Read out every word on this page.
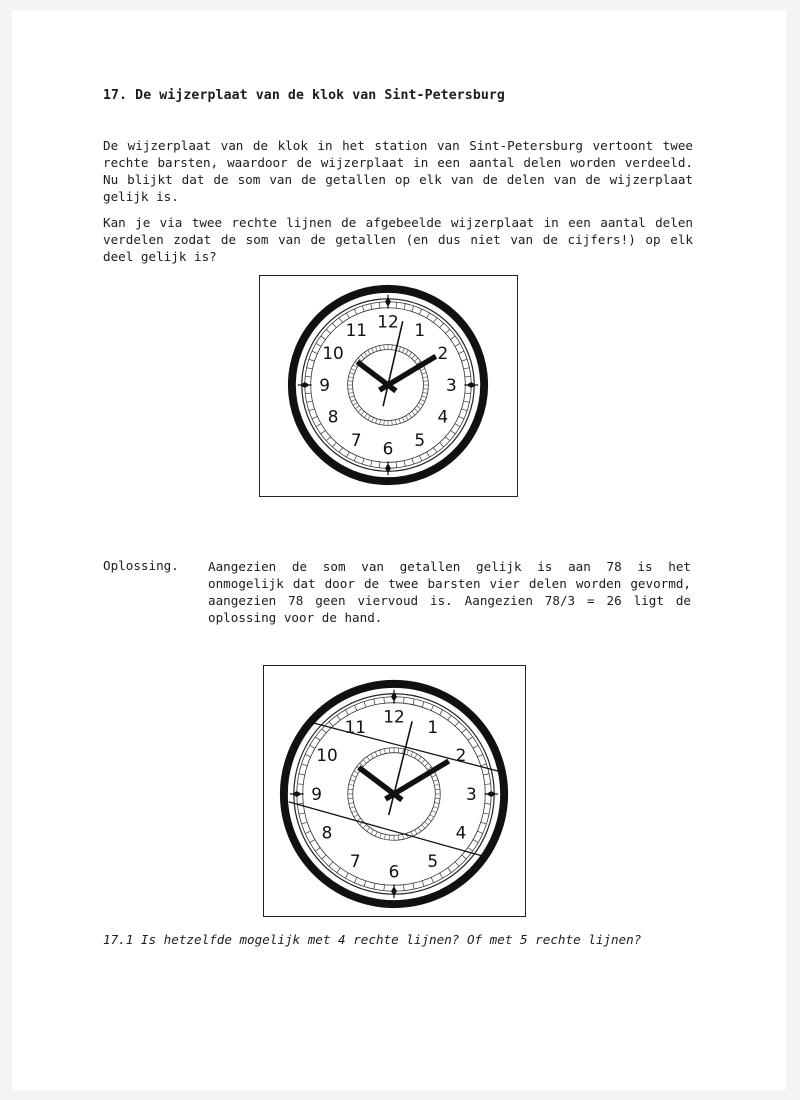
17. De wijzerplaat van de klok van Sint-Petersburg
De wijzerplaat van de klok in het station van Sint-Petersburg vertoont twee rechte barsten, waardoor de wijzerplaat in een aantal delen worden verdeeld. Nu blijkt dat de som van de getallen op elk van de delen van de wijzerplaat gelijk is.
Kan je via twee rechte lijnen de afgebeelde wijzerplaat in een aantal delen verdelen zodat de som van de getallen (en dus niet van de cijfers!) op elk deel gelijk is?
12 1
2
3
4
5
6
7
8
9
10
11
Oplossing. Aangezien de som van getallen gelijk is aan 78 is het onmogelijk dat door de twee barsten vier delen worden gevormd, aangezien 78 geen viervoud is. Aangezien 78/3 = 26 ligt de oplossing voor de hand.
12
1
2
3
4
5
6
7
8
9
10
11
17.1 Is hetzelfde mogelijk met 4 rechte lijnen? Of met 5 rechte lijnen?
